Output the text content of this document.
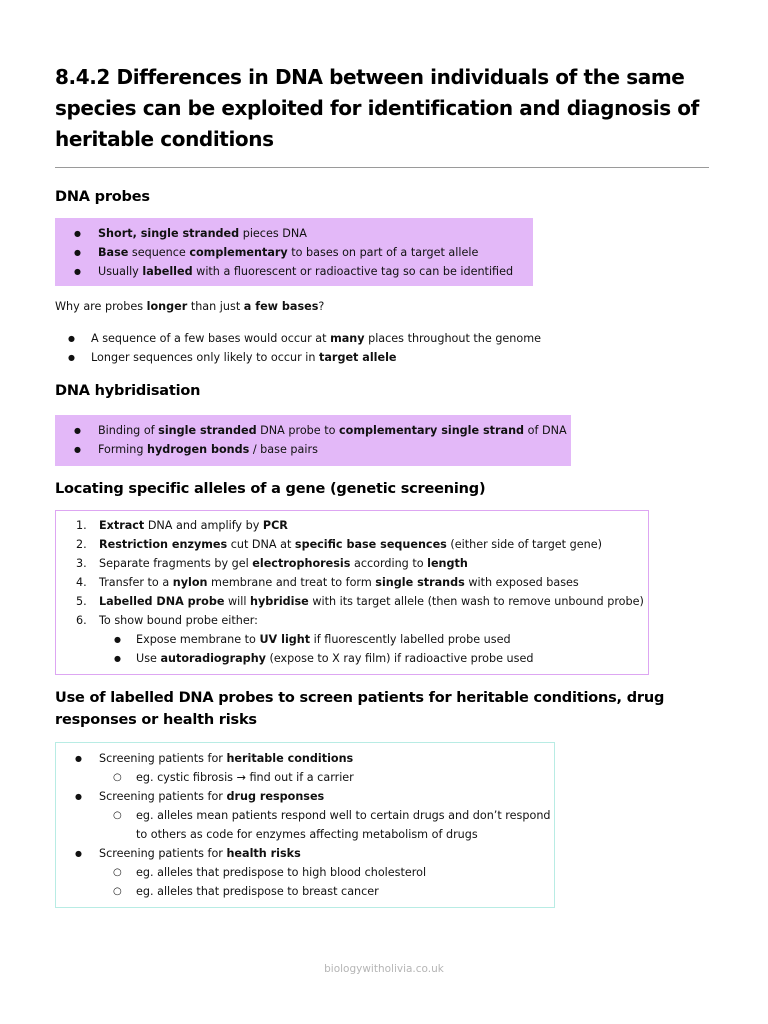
8.4.2 Differences in DNA between individuals of the same species can be exploited for identification and diagnosis of heritable conditions
DNA probes
● Short, single stranded pieces DNA
● Base sequence complementary to bases on part of a target allele
● Usually labelled with a fluorescent or radioactive tag so can be identified

Why are probes longer than just a few bases?

● A sequence of a few bases would occur at many places throughout the genome
● Longer sequences only likely to occur in target allele
DNA hybridisation
● Binding of single stranded DNA probe to complementary single strand of DNA
● Forming hydrogen bonds / base pairs
Locating specific alleles of a gene (genetic screening)
1. Extract DNA and amplify by PCR
2. Restriction enzymes cut DNA at specific base sequences (either side of target gene)
3. Separate fragments by gel electrophoresis according to length
4. Transfer to a nylon membrane and treat to form single strands with exposed bases
5. Labelled DNA probe will hybridise with its target allele (then wash to remove unbound probe)
6. To show bound probe either:
● Expose membrane to UV light if fluorescently labelled probe used
● Use autoradiography (expose to X ray film) if radioactive probe used
Use of labelled DNA probes to screen patients for heritable conditions, drug responses or health risks
● Screening patients for heritable conditions
○ eg. cystic fibrosis → find out if a carrier
● Screening patients for drug responses
○ eg. alleles mean patients respond well to certain drugs and don’t respond to others as code for enzymes affecting metabolism of drugs
● Screening patients for health risks
○ eg. alleles that predispose to high blood cholesterol
○ eg. alleles that predispose to breast cancer
biologywitholivia.co.uk
